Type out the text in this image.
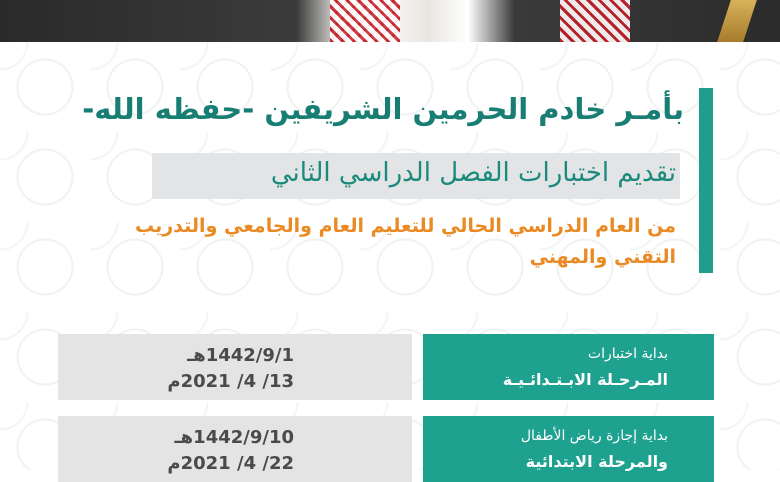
بأمـر خادم الحرمين الشريفين -حفظه الله-
تقديم اختبارات الفصل الدراسي الثاني
من العام الدراسي الحالي للتعليم العام والجامعي والتدريب التقني والمهني
1442/9/1هـ
13/ 4/ 2021م
بداية اختبارات
المـرحـلة الابـتـدائـيـة
1442/9/10هـ
22/ 4/ 2021م
بداية إجازة رياض الأطفال
والمرحلة الابتدائية
